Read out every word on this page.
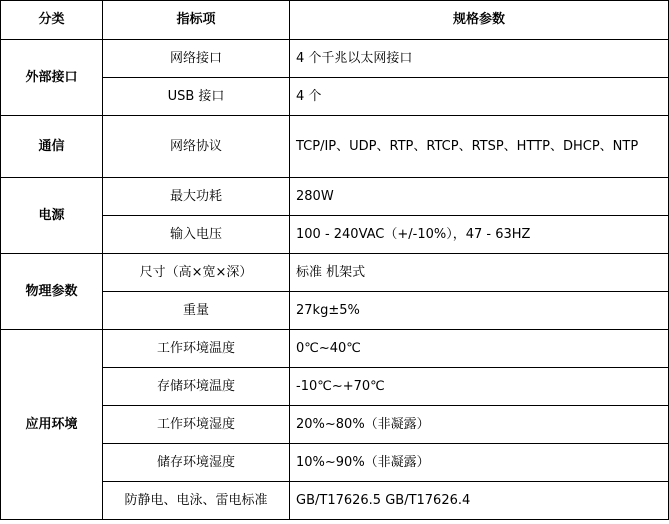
分类	指标项	规格参数
外部接口	网络接口	4 个千兆以太网接口
	USB 接口	4 个
通信	网络协议	TCP/IP、UDP、RTP、RTCP、RTSP、HTTP、DHCP、NTP
电源	最大功耗	280W
	输入电压	100 - 240VAC（+/-10%），47 - 63HZ
物理参数	尺寸（高×宽×深）	标准 机架式
	重量	27kg±5%
应用环境	工作环境温度	0℃~40℃
	存储环境温度	-10℃~+70℃
	工作环境湿度	20%~80%（非凝露）
	储存环境湿度	10%~90%（非凝露）
	防静电、电泳、雷电标准	GB/T17626.5 GB/T17626.4
